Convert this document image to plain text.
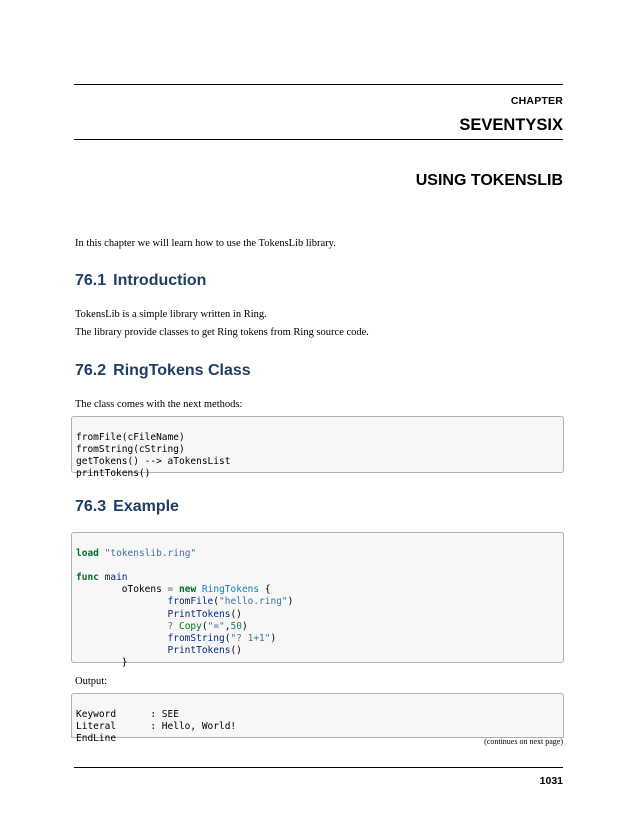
CHAPTER
SEVENTYSIX
USING TOKENSLIB
In this chapter we will learn how to use the TokensLib library.
76.1 Introduction
TokensLib is a simple library written in Ring.
The library provide classes to get Ring tokens from Ring source code.
76.2 RingTokens Class
The class comes with the next methods:

fromFile(cFileName)
fromString(cString)
getTokens() --> aTokensList
printTokens()
76.3 Example

load "tokenslib.ring"
func main
oTokens = new RingTokens {
fromFile("hello.ring")
PrintTokens()
? Copy("=",50)
fromString("? 1+1")
PrintTokens()
}
Output:

Keyword      : SEE
Literal      : Hello, World!
EndLine	(continues on next page)
1031
